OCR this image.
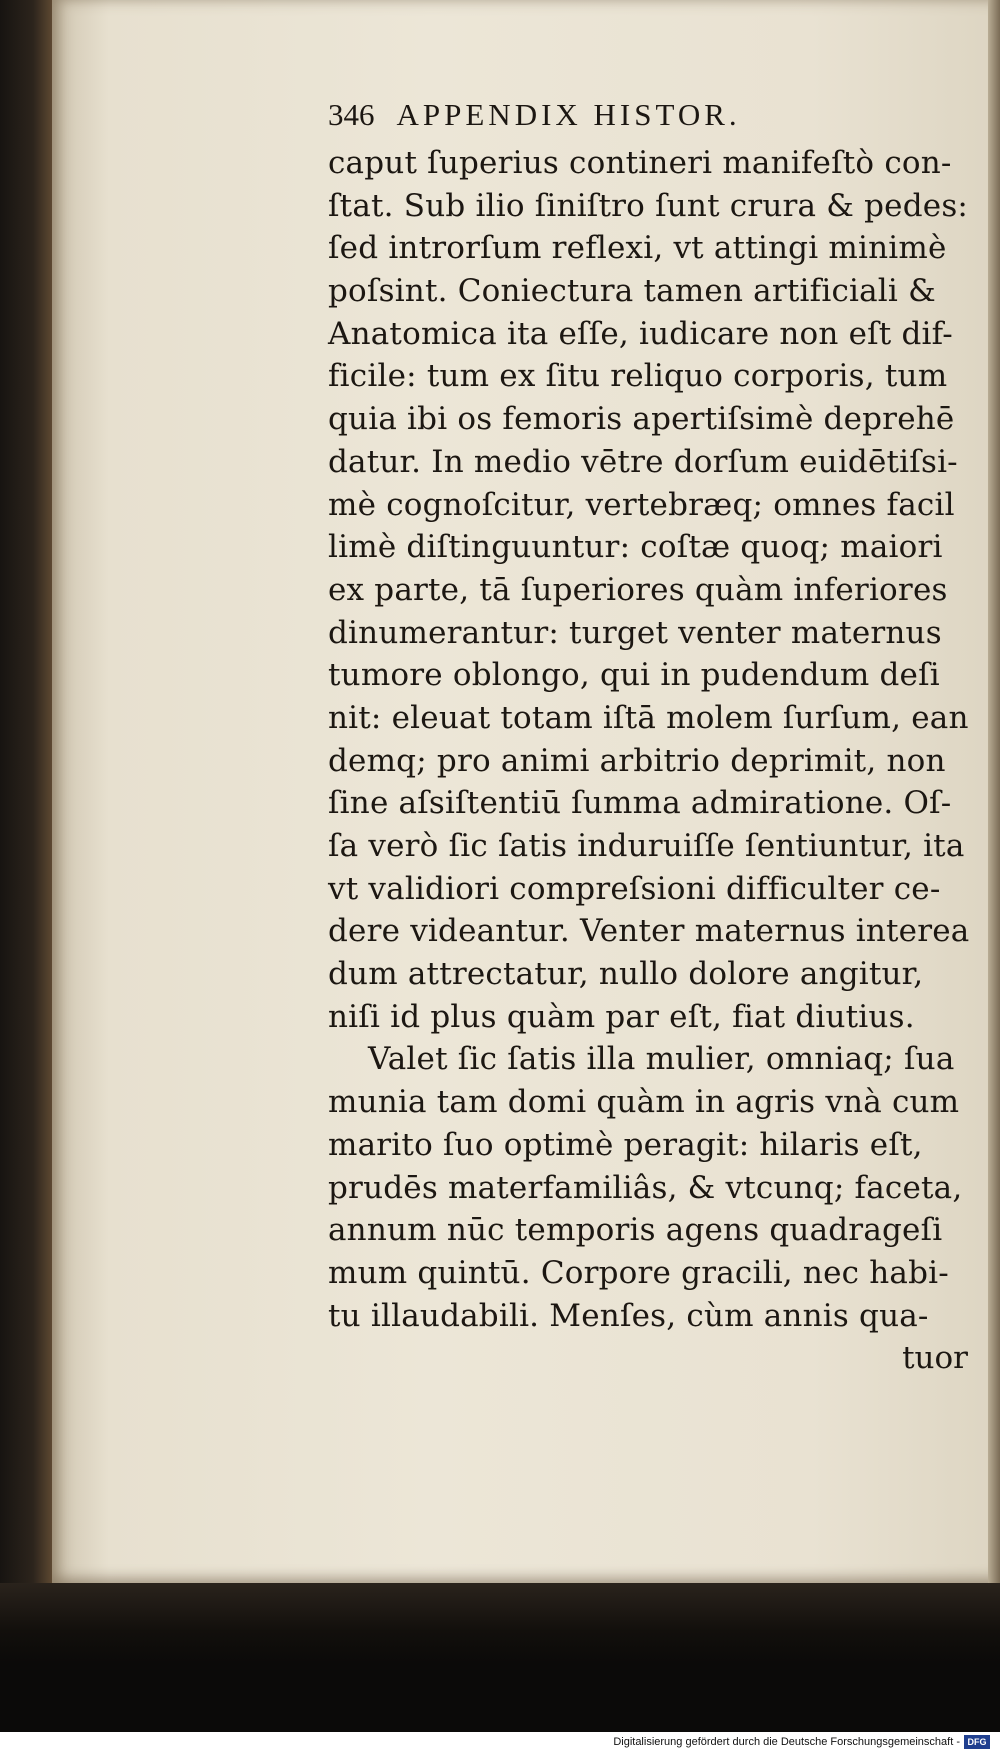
346 APPENDIX HISTOR.
caput ſuperius contineri manifeſtò con-
ſtat. Sub ilio ſiniſtro ſunt crura & pedes:
ſed introrſum reflexi, vt attingi minimè
poſsint. Coniectura tamen artificiali &
Anatomica ita eſſe, iudicare non eſt dif-
ficile: tum ex ſitu reliquo corporis, tum
quia ibi os femoris apertiſsimè deprehē
datur. In medio vētre dorſum euidētiſsi-
mè cognoſcitur, vertebræq; omnes facil
limè diſtinguuntur: coſtæ quoq; maiori
ex parte, tā ſuperiores quàm inferiores
dinumerantur: turget venter maternus
tumore oblongo, qui in pudendum deſi
nit: eleuat totam iſtā molem ſurſum, ean
demq; pro animi arbitrio deprimit, non
ſine aſsiſtentiū ſumma admiratione. Oſ-
ſa verò ſic ſatis induruiſſe ſentiuntur, ita
vt validiori compreſsioni difficulter ce-
dere videantur. Venter maternus interea
dum attrectatur, nullo dolore angitur,
niſi id plus quàm par eſt, fiat diutius.
Valet ſic ſatis illa mulier, omniaq; ſua
munia tam domi quàm in agris vnà cum
marito ſuo optimè peragit: hilaris eſt,
prudēs materfamiliâs, & vtcunq; faceta,
annum nūc temporis agens quadrageſi
mum quintū. Corpore gracili, nec habi-
tu illaudabili. Menſes, cùm annis qua-
tuor
Digitalisierung gefördert durch die Deutsche Forschungsgemeinschaft - DFG
